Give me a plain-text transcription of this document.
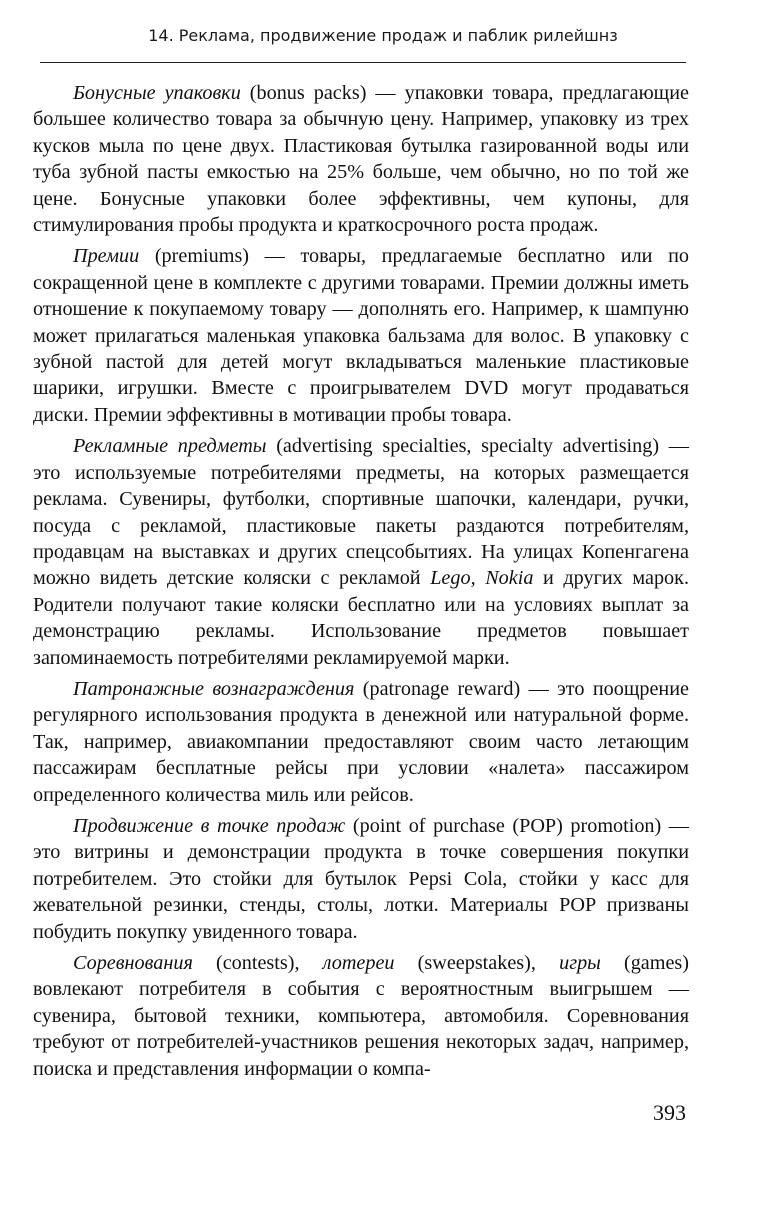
14. Реклама, продвижение продаж и паблик рилейшнз

Бонусные упаковки (bonus packs) — упаковки товара, предлагающие большее количество товара за обычную цену. Например, упаковку из трех кусков мыла по цене двух. Пластиковая бутылка газированной воды или туба зубной пасты емкостью на 25% больше, чем обычно, но по той же цене. Бонусные упаковки более эффективны, чем купоны, для стимулирования пробы продукта и краткосрочного роста продаж.

Премии (premiums) — товары, предлагаемые бесплатно или по сокращенной цене в комплекте с другими товарами. Премии должны иметь отношение к покупаемому товару — дополнять его. Например, к шампуню может прилагаться маленькая упаковка бальзама для волос. В упаковку с зубной пастой для детей могут вкладываться маленькие пластиковые шарики, игрушки. Вместе с проигрывателем DVD могут продаваться диски. Премии эффективны в мотивации пробы товара.

Рекламные предметы (advertising specialties, specialty advertising) — это используемые потребителями предметы, на которых размещается реклама. Сувениры, футболки, спортивные шапочки, календари, ручки, посуда с рекламой, пластиковые пакеты раздаются потребителям, продавцам на выставках и других спецсобытиях. На улицах Копенгагена можно видеть детские коляски с рекламой Lego, Nokia и других марок. Родители получают такие коляски бесплатно или на условиях выплат за демонстрацию рекламы. Использование предметов повышает запоминаемость потребителями рекламируемой марки.

Патронажные вознаграждения (patronage reward) — это поощрение регулярного использования продукта в денежной или натуральной форме. Так, например, авиакомпании предоставляют своим часто летающим пассажирам бесплатные рейсы при условии «налета» пассажиром определенного количества миль или рейсов.

Продвижение в точке продаж (point of purchase (POP) promotion) — это витрины и демонстрации продукта в точке совершения покупки потребителем. Это стойки для бутылок Pepsi Cola, стойки у касс для жевательной резинки, стенды, столы, лотки. Материалы POP призваны побудить покупку увиденного товара.

Соревнования (contests), лотереи (sweepstakes), игры (games) вовлекают потребителя в события с вероятностным выигрышем — сувенира, бытовой техники, компьютера, автомобиля. Соревнования требуют от потребителей-участников решения некоторых задач, например, поиска и представления информации о компа-

393
